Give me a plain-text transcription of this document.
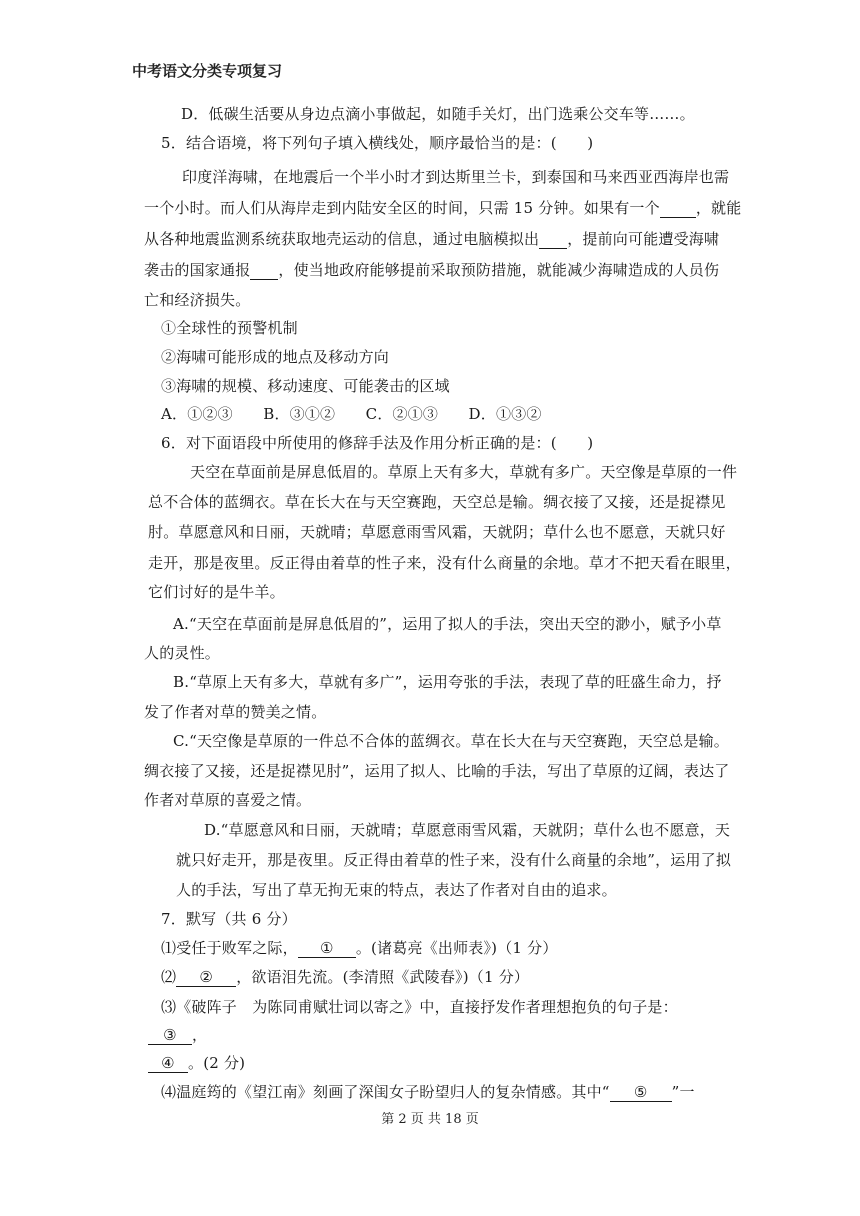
中考语文分类专项复习
D．低碳生活要从身边点滴小事做起，如随手关灯，出门选乘公交车等……。
5．结合语境，将下列句子填入横线处，顺序最恰当的是：(　　)
印度洋海啸，在地震后一个半小时才到达斯里兰卡，到泰国和马来西亚西海岸也需
一个小时。而人们从海岸走到内陆安全区的时间，只需 15 分钟。如果有一个 ，就能
从各种地震监测系统获取地壳运动的信息，通过电脑模拟出 ，提前向可能遭受海啸
袭击的国家通报 ，使当地政府能够提前采取预防措施，就能减少海啸造成的人员伤
亡和经济损失。
①全球性的预警机制
②海啸可能形成的地点及移动方向
③海啸的规模、移动速度、可能袭击的区域
A．①②③　　B．③①②　　C．②①③　　D．①③②
6．对下面语段中所使用的修辞手法及作用分析正确的是：(　　)
天空在草面前是屏息低眉的。草原上天有多大，草就有多广。天空像是草原的一件
总不合体的蓝绸衣。草在长大在与天空赛跑，天空总是输。绸衣接了又接，还是捉襟见
肘。草愿意风和日丽，天就晴；草愿意雨雪风霜，天就阴；草什么也不愿意，天就只好
走开，那是夜里。反正得由着草的性子来，没有什么商量的余地。草才不把天看在眼里，
它们讨好的是牛羊。
A.“天空在草面前是屏息低眉的”，运用了拟人的手法，突出天空的渺小，赋予小草
人的灵性。
B.“草原上天有多大，草就有多广”，运用夸张的手法，表现了草的旺盛生命力，抒
发了作者对草的赞美之情。
C.“天空像是草原的一件总不合体的蓝绸衣。草在长大在与天空赛跑，天空总是输。
绸衣接了又接，还是捉襟见肘”，运用了拟人、比喻的手法，写出了草原的辽阔，表达了
作者对草原的喜爱之情。
D.“草愿意风和日丽，天就晴；草愿意雨雪风霜，天就阴；草什么也不愿意，天
就只好走开，那是夜里。反正得由着草的性子来，没有什么商量的余地”，运用了拟
人的手法，写出了草无拘无束的特点，表达了作者对自由的追求。
7．默写（共 6 分）
⑴受任于败军之际， ① 。(诸葛亮《出师表》)（1 分）
⑵ ② ，欲语泪先流。(李清照《武陵春》)（1 分）
⑶《破阵子　为陈同甫赋壮词以寄之》中，直接抒发作者理想抱负的句子是：
③ ，
④ 。(2 分)
⑷温庭筠的《望江南》刻画了深闺女子盼望归人的复杂情感。其中“ ⑤ ”一
第 2 页 共 18 页
